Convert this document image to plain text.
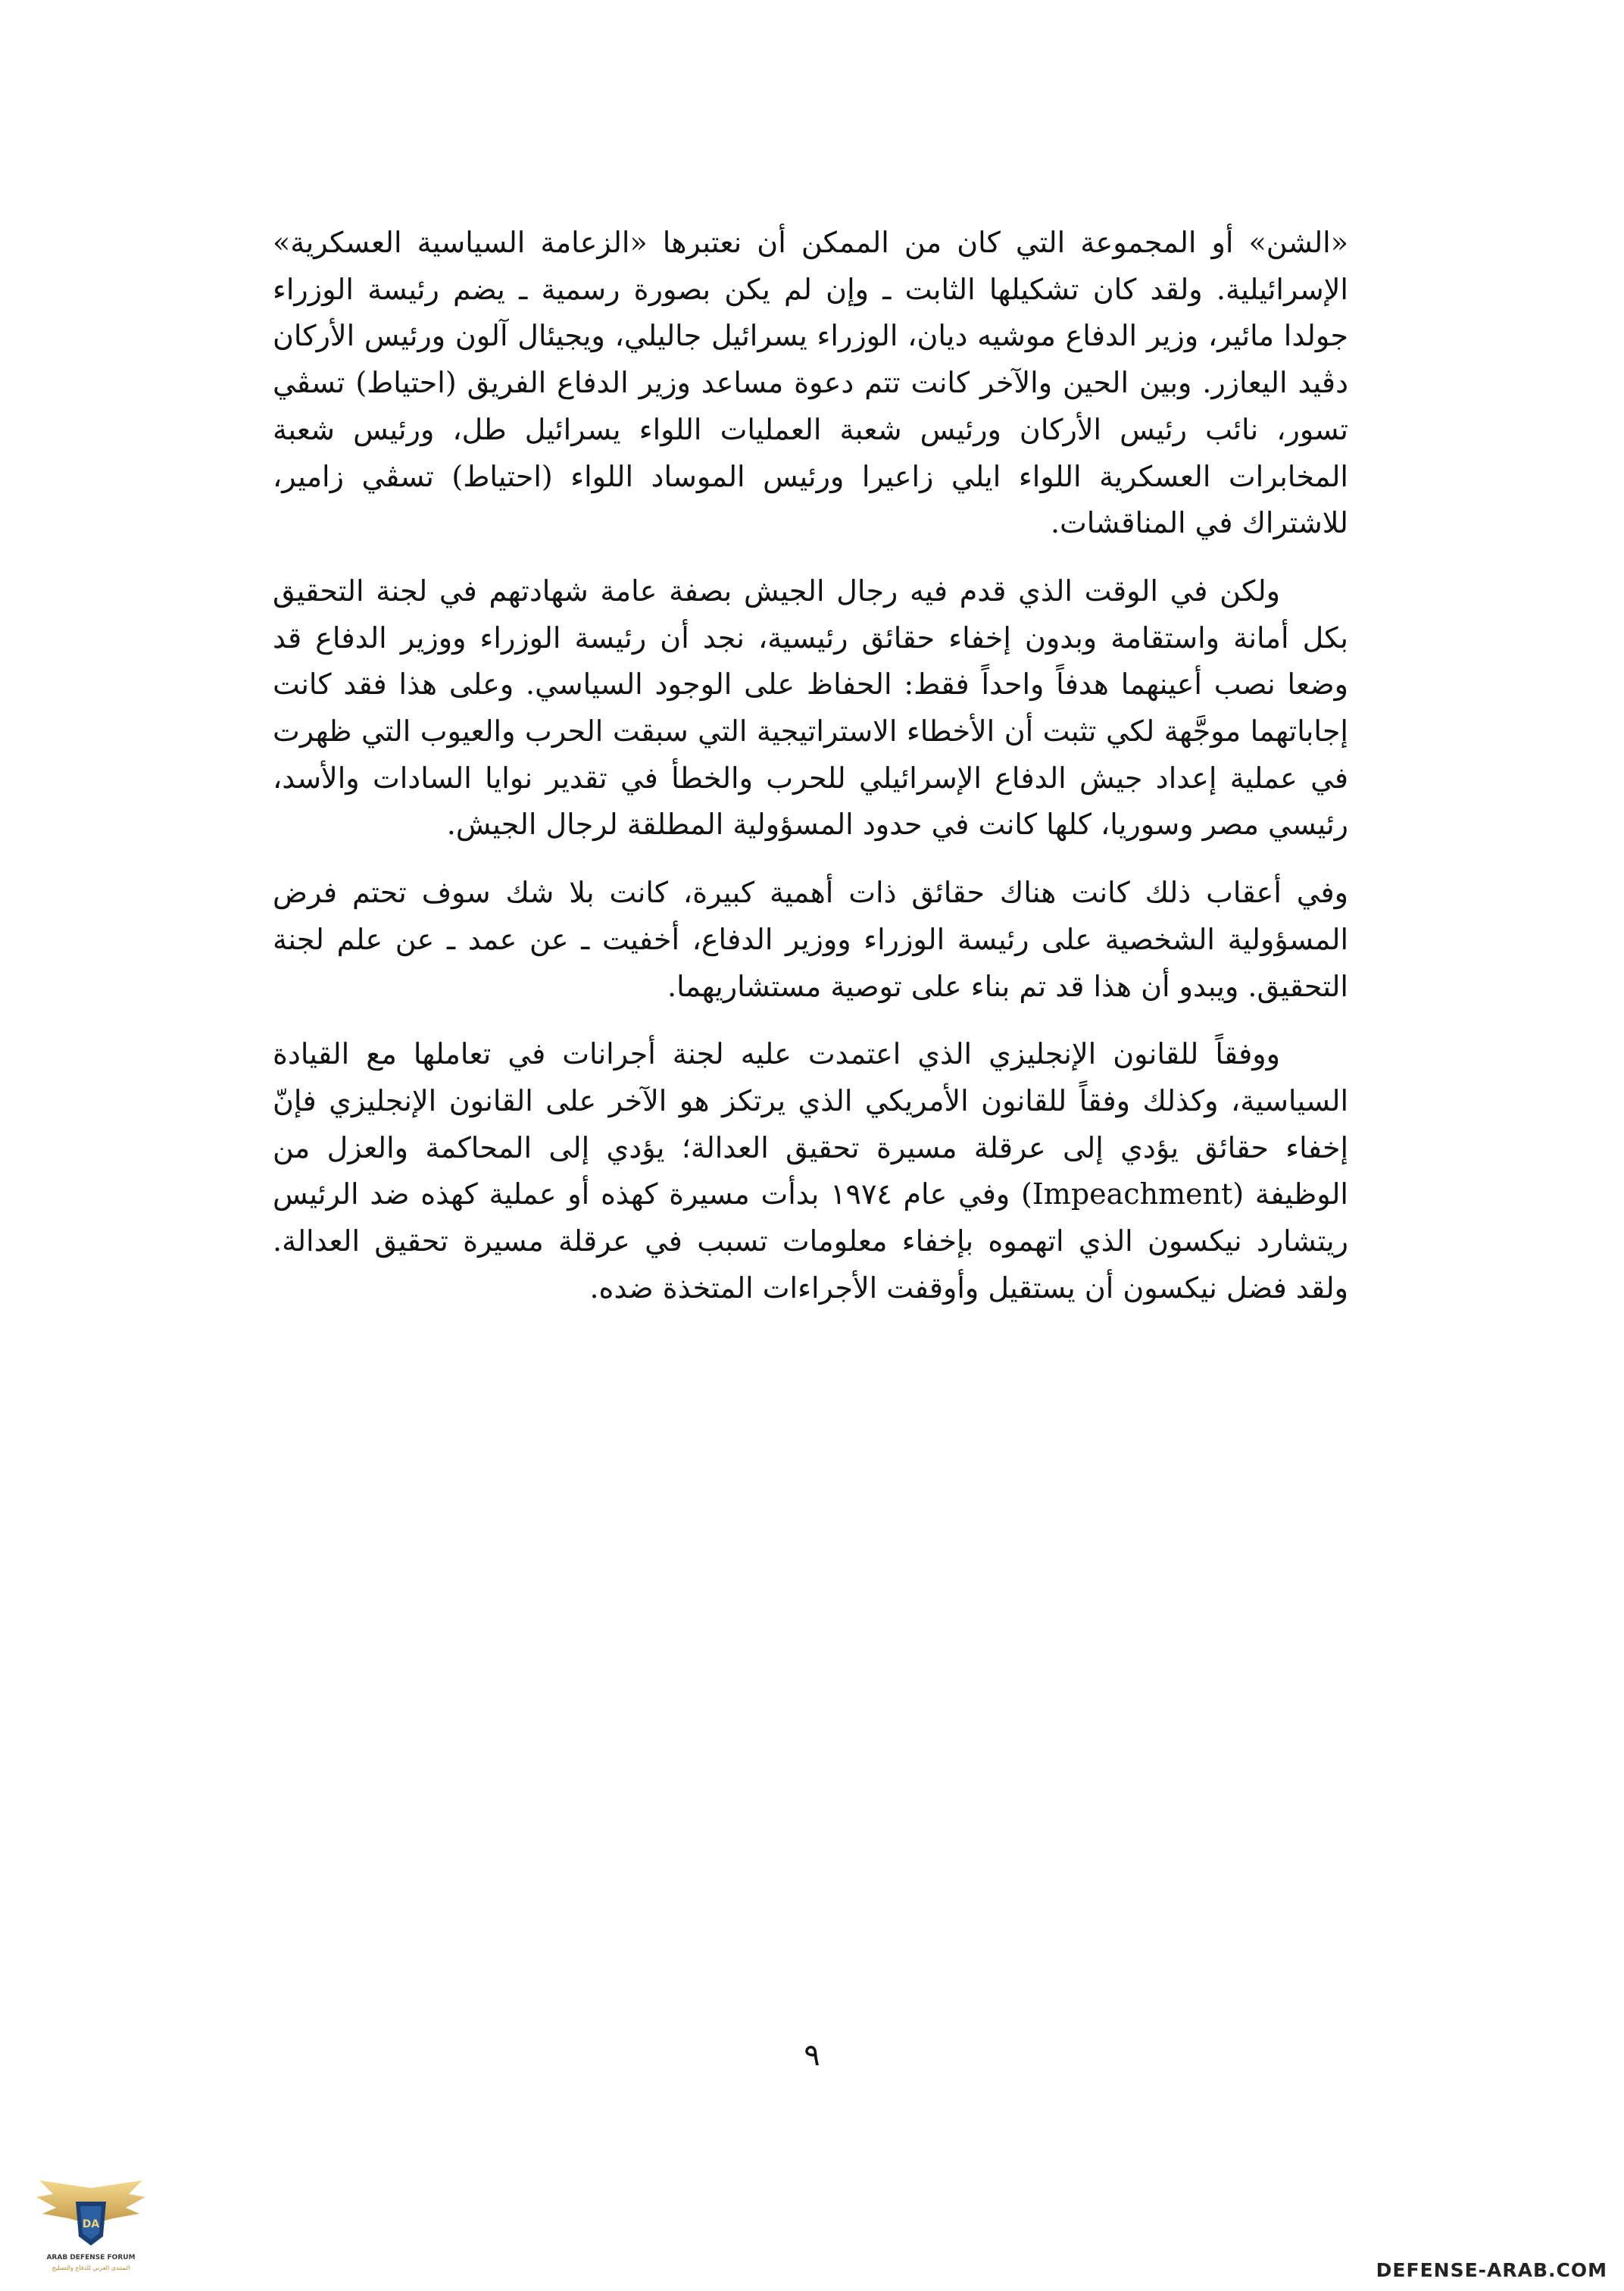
«الشن» أو المجموعة التي كان من الممكن أن نعتبرها «الزعامة السياسية العسكرية» الإسرائيلية. ولقد كان تشكيلها الثابت ـ وإن لم يكن بصورة رسمية ـ يضم رئيسة الوزراء جولدا مائير، وزير الدفاع موشيه ديان، الوزراء يسرائيل جاليلي، ويجيئال آلون ورئيس الأركان دڤيد اليعازر. وبين الحين والآخر كانت تتم دعوة مساعد وزير الدفاع الفريق (احتياط) تسڤي تسور، نائب رئيس الأركان ورئيس شعبة العمليات اللواء يسرائيل طل، ورئيس شعبة المخابرات العسكرية اللواء ايلي زاعيرا ورئيس الموساد اللواء (احتياط) تسڤي زامير، للاشتراك في المناقشات.

ولكن في الوقت الذي قدم فيه رجال الجيش بصفة عامة شهادتهم في لجنة التحقيق بكل أمانة واستقامة وبدون إخفاء حقائق رئيسية، نجد أن رئيسة الوزراء ووزير الدفاع قد وضعا نصب أعينهما هدفاً واحداً فقط: الحفاظ على الوجود السياسي. وعلى هذا فقد كانت إجاباتهما موجَّهة لكي تثبت أن الأخطاء الاستراتيجية التي سبقت الحرب والعيوب التي ظهرت في عملية إعداد جيش الدفاع الإسرائيلي للحرب والخطأ في تقدير نوايا السادات والأسد، رئيسي مصر وسوريا، كلها كانت في حدود المسؤولية المطلقة لرجال الجيش.

وفي أعقاب ذلك كانت هناك حقائق ذات أهمية كبيرة، كانت بلا شك سوف تحتم فرض المسؤولية الشخصية على رئيسة الوزراء ووزير الدفاع، أخفيت ـ عن عمد ـ عن علم لجنة التحقيق. ويبدو أن هذا قد تم بناء على توصية مستشاريهما.

ووفقاً للقانون الإنجليزي الذي اعتمدت عليه لجنة أجرانات في تعاملها مع القيادة السياسية، وكذلك وفقاً للقانون الأمريكي الذي يرتكز هو الآخر على القانون الإنجليزي فإنّ إخفاء حقائق يؤدي إلى عرقلة مسيرة تحقيق العدالة؛ يؤدي إلى المحاكمة والعزل من الوظيفة (Impeachment) وفي عام ١٩٧٤ بدأت مسيرة كهذه أو عملية كهذه ضد الرئيس ريتشارد نيكسون الذي اتهموه بإخفاء معلومات تسبب في عرقلة مسيرة تحقيق العدالة. ولقد فضل نيكسون أن يستقيل وأوقفت الأجراءات المتخذة ضده.

٩
DA
ARAB DEFENSE FORUM
المنتدى العربي للدفاع والتسليح	DEFENSE-ARAB.COM
